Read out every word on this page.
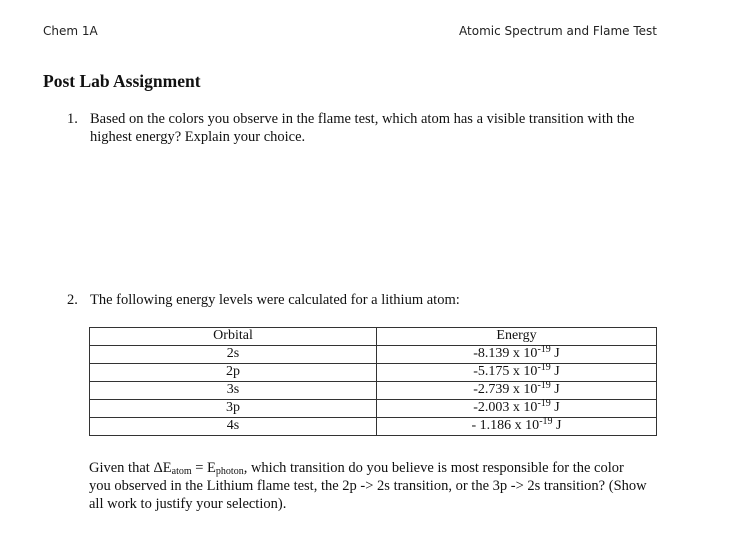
Chem 1A	Atomic Spectrum and Flame Test
Post Lab Assignment
1. Based on the colors you observe in the flame test, which atom has a visible transition with the highest energy? Explain your choice.
2. The following energy levels were calculated for a lithium atom:
Orbital	Energy
2s	-8.139 x $10^{-19}$ J
2p	-5.175 x $10^{-19}$ J
3s	-2.739 x $10^{-19}$ J
3p	-2.003 x $10^{-19}$ J
4s	- 1.186 x $10^{-19}$ J
Given that $\Delta E_{atom} = E_{photon}$, which transition do you believe is most responsible for the color you observed in the Lithium flame test, the 2p -> 2s transition, or the 3p -> 2s transition? (Show all work to justify your selection).
